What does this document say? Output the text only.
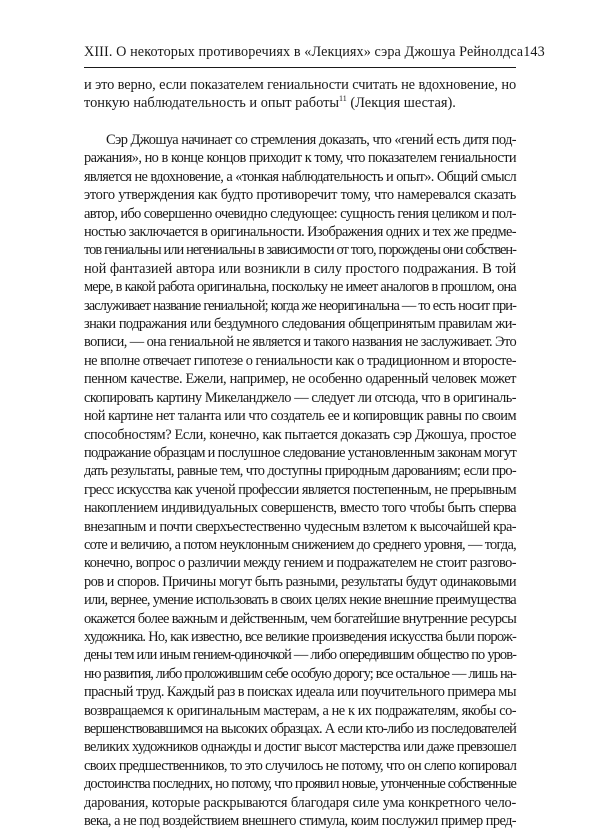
XIII. О некоторых противоречиях в «Лекциях» сэра Джошуа Рейнолдса 143
и это верно, если показателем гениальности считать не вдохновение, но
тонкую наблюдательность и опыт работы$^{11}$ (Лекция шестая).
Сэр Джошуа начинает со стремления доказать, что «гений есть дитя под-
ражания», но в конце концов приходит к тому, что показателем гениальности
является не вдохновение, а «тонкая наблюдательность и опыт». Общий смысл
этого утверждения как будто противоречит тому, что намеревался сказать
автор, ибо совершенно очевидно следующее: сущность гения целиком и пол-
ностью заключается в оригинальности. Изображения одних и тех же предме-
тов гениальны или негениальны в зависимости от того, порождены они собствен-
ной фантазией автора или возникли в силу простого подражания. В той
мере, в какой работа оригинальна, поскольку не имеет аналогов в прошлом, она
заслуживает название гениальной; когда же неоригинальна — то есть носит при-
знаки подражания или бездумного следования общепринятым правилам жи-
вописи, — она гениальной не является и такого названия не заслуживает. Это
не вполне отвечает гипотезе о гениальности как о традиционном и второсте-
пенном качестве. Ежели, например, не особенно одаренный человек может
скопировать картину Микеланджело — следует ли отсюда, что в оригиналь-
ной картине нет таланта или что создатель ее и копировщик равны по своим
способностям? Если, конечно, как пытается доказать сэр Джошуа, простое
подражание образцам и послушное следование установленным законам могут
дать результаты, равные тем, что доступны природным дарованиям; если про-
гресс искусства как ученой профессии является постепенным, не прерывным
накоплением индивидуальных совершенств, вместо того чтобы быть сперва
внезапным и почти сверхъестественно чудесным взлетом к высочайшей кра-
соте и величию, а потом неуклонным снижением до среднего уровня, — тогда,
конечно, вопрос о различии между гением и подражателем не стоит разгово-
ров и споров. Причины могут быть разными, результаты будут одинаковыми
или, вернее, умение использовать в своих целях некие внешние преимущества
окажется более важным и действенным, чем богатейшие внутренние ресурсы
художника. Но, как известно, все великие произведения искусства были порож-
дены тем или иным гением-одиночкой — либо опередившим общество по уров-
ню развития, либо проложившим себе особую дорогу; все остальное — лишь на-
прасный труд. Каждый раз в поисках идеала или поучительного примера мы
возвращаемся к оригинальным мастерам, а не к их подражателям, якобы со-
вершенствовавшимся на высоких образцах. А если кто-либо из последователей
великих художников однажды и достиг высот мастерства или даже превзошел
своих предшественников, то это случилось не потому, что он слепо копировал
достоинства последних, но потому, что проявил новые, утонченные собственные
дарования, которые раскрываются благодаря силе ума конкретного чело-
века, а не под воздействием внешнего стимула, коим послужил пример пред-
